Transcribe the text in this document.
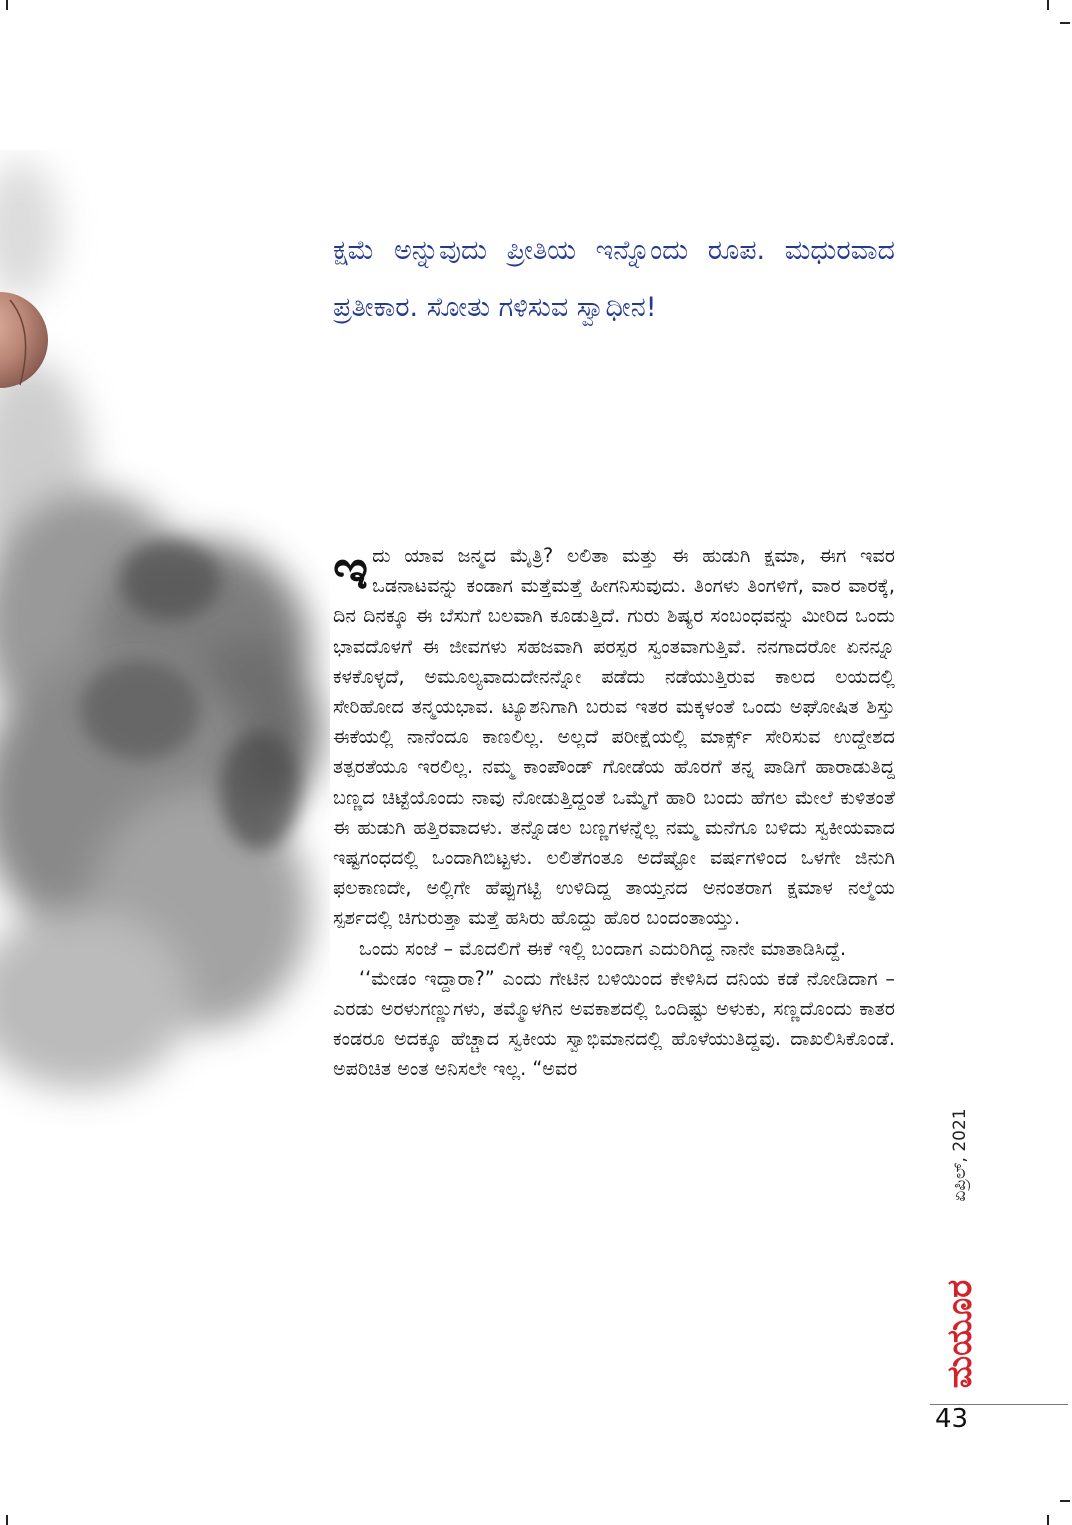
ಕ್ಷಮೆ ಅನ್ನುವುದು ಪ್ರೀತಿಯ ಇನ್ನೊಂದು ರೂಪ. ಮಧುರವಾದ ಪ್ರತೀಕಾರ. ಸೋತು ಗಳಿಸುವ ಸ್ವಾಧೀನ!

ಇದು ಯಾವ ಜನ್ಮದ ಮೈತ್ರಿ? ಲಲಿತಾ ಮತ್ತು ಈ ಹುಡುಗಿ ಕ್ಷಮಾ, ಈಗ ಇವರ ಒಡನಾಟವನ್ನು ಕಂಡಾಗ ಮತ್ತೆಮತ್ತೆ ಹೀಗನಿಸುವುದು. ತಿಂಗಳು ತಿಂಗಳಿಗೆ, ವಾರ ವಾರಕ್ಕೆ, ದಿನ ದಿನಕ್ಕೂ ಈ ಬೆಸುಗೆ ಬಲವಾಗಿ ಕೂಡುತ್ತಿದೆ. ಗುರು ಶಿಷ್ಯರ ಸಂಬಂಧವನ್ನು ಮೀರಿದ ಒಂದು ಭಾವದೊಳಗೆ ಈ ಜೀವಗಳು ಸಹಜವಾಗಿ ಪರಸ್ಪರ ಸ್ವಂತವಾಗುತ್ತಿವೆ. ನನಗಾದರೋ ಏನನ್ನೂ ಕಳಕೊಳ್ಳದೆ, ಅಮೂಲ್ಯವಾದುದೇನನ್ನೋ ಪಡೆದು ನಡೆಯುತ್ತಿರುವ ಕಾಲದ ಲಯದಲ್ಲಿ ಸೇರಿಹೋದ ತನ್ಮಯಭಾವ. ಟ್ಯೂಶನಿಗಾಗಿ ಬರುವ ಇತರ ಮಕ್ಕಳಂತೆ ಒಂದು ಅಘೋಷಿತ ಶಿಸ್ತು ಈಕೆಯಲ್ಲಿ ನಾನೆಂದೂ ಕಾಣಲಿಲ್ಲ. ಅಲ್ಲದೆ ಪರೀಕ್ಷೆಯಲ್ಲಿ ಮಾರ್ಕ್ಸ್ ಸೇರಿಸುವ ಉದ್ದೇಶದ ತತ್ಪರತೆಯೂ ಇರಲಿಲ್ಲ. ನಮ್ಮ ಕಾಂಪೌಂಡ್ ಗೋಡೆಯ ಹೊರಗೆ ತನ್ನ ಪಾಡಿಗೆ ಹಾರಾಡುತಿದ್ದ ಬಣ್ಣದ ಚಿಟ್ಟೆಯೊಂದು ನಾವು ನೋಡುತ್ತಿದ್ದಂತೆ ಒಮ್ಮೆಗೆ ಹಾರಿ ಬಂದು ಹೆಗಲ ಮೇಲೆ ಕುಳಿತಂತೆ ಈ ಹುಡುಗಿ ಹತ್ತಿರವಾದಳು. ತನ್ನೊಡಲ ಬಣ್ಣಗಳನ್ನೆಲ್ಲ ನಮ್ಮ ಮನೆಗೂ ಬಳಿದು ಸ್ವಕೀಯವಾದ ಇಷ್ಟಗಂಧದಲ್ಲಿ ಒಂದಾಗಿಬಿಟ್ಟಳು. ಲಲಿತೆಗಂತೂ ಅದೆಷ್ಟೋ ವರ್ಷಗಳಿಂದ ಒಳಗೇ ಜಿನುಗಿ ಫಲಕಾಣದೇ, ಅಲ್ಲಿಗೇ ಹೆಪ್ಪುಗಟ್ಟಿ ಉಳಿದಿದ್ದ ತಾಯ್ತನದ ಅನಂತರಾಗ ಕ್ಷಮಾಳ ನಲ್ಮೆಯ ಸ್ಪರ್ಶದಲ್ಲಿ ಚಿಗುರುತ್ತಾ ಮತ್ತೆ ಹಸಿರು ಹೊದ್ದು ಹೊರ ಬಂದಂತಾಯ್ತು.

ಒಂದು ಸಂಜೆ – ಮೊದಲಿಗೆ ಈಕೆ ಇಲ್ಲಿ ಬಂದಾಗ ಎದುರಿಗಿದ್ದ ನಾನೇ ಮಾತಾಡಿಸಿದ್ದೆ.

‘‘ಮೇಡಂ ಇದ್ದಾರಾ?” ಎಂದು ಗೇಟಿನ ಬಳಿಯಿಂದ ಕೇಳಿಸಿದ ದನಿಯ ಕಡೆ ನೋಡಿದಾಗ – ಎರಡು ಅರಳುಗಣ್ಣುಗಳು, ತಮ್ಮೊಳಗಿನ ಅವಕಾಶದಲ್ಲಿ ಒಂದಿಷ್ಟು ಅಳುಕು, ಸಣ್ಣದೊಂದು ಕಾತರ ಕಂಡರೂ ಅದಕ್ಕೂ ಹೆಚ್ಚಾದ ಸ್ವಕೀಯ ಸ್ವಾಭಿಮಾನದಲ್ಲಿ ಹೊಳೆಯುತಿದ್ದವು. ದಾಖಲಿಸಿಕೊಂಡೆ. ಅಪರಿಚಿತ ಅಂತ ಅನಿಸಲೇ ಇಲ್ಲ. “ಅವರ

ಏಪ್ರಿಲ್, 2021
ಮಯೂರ
43
